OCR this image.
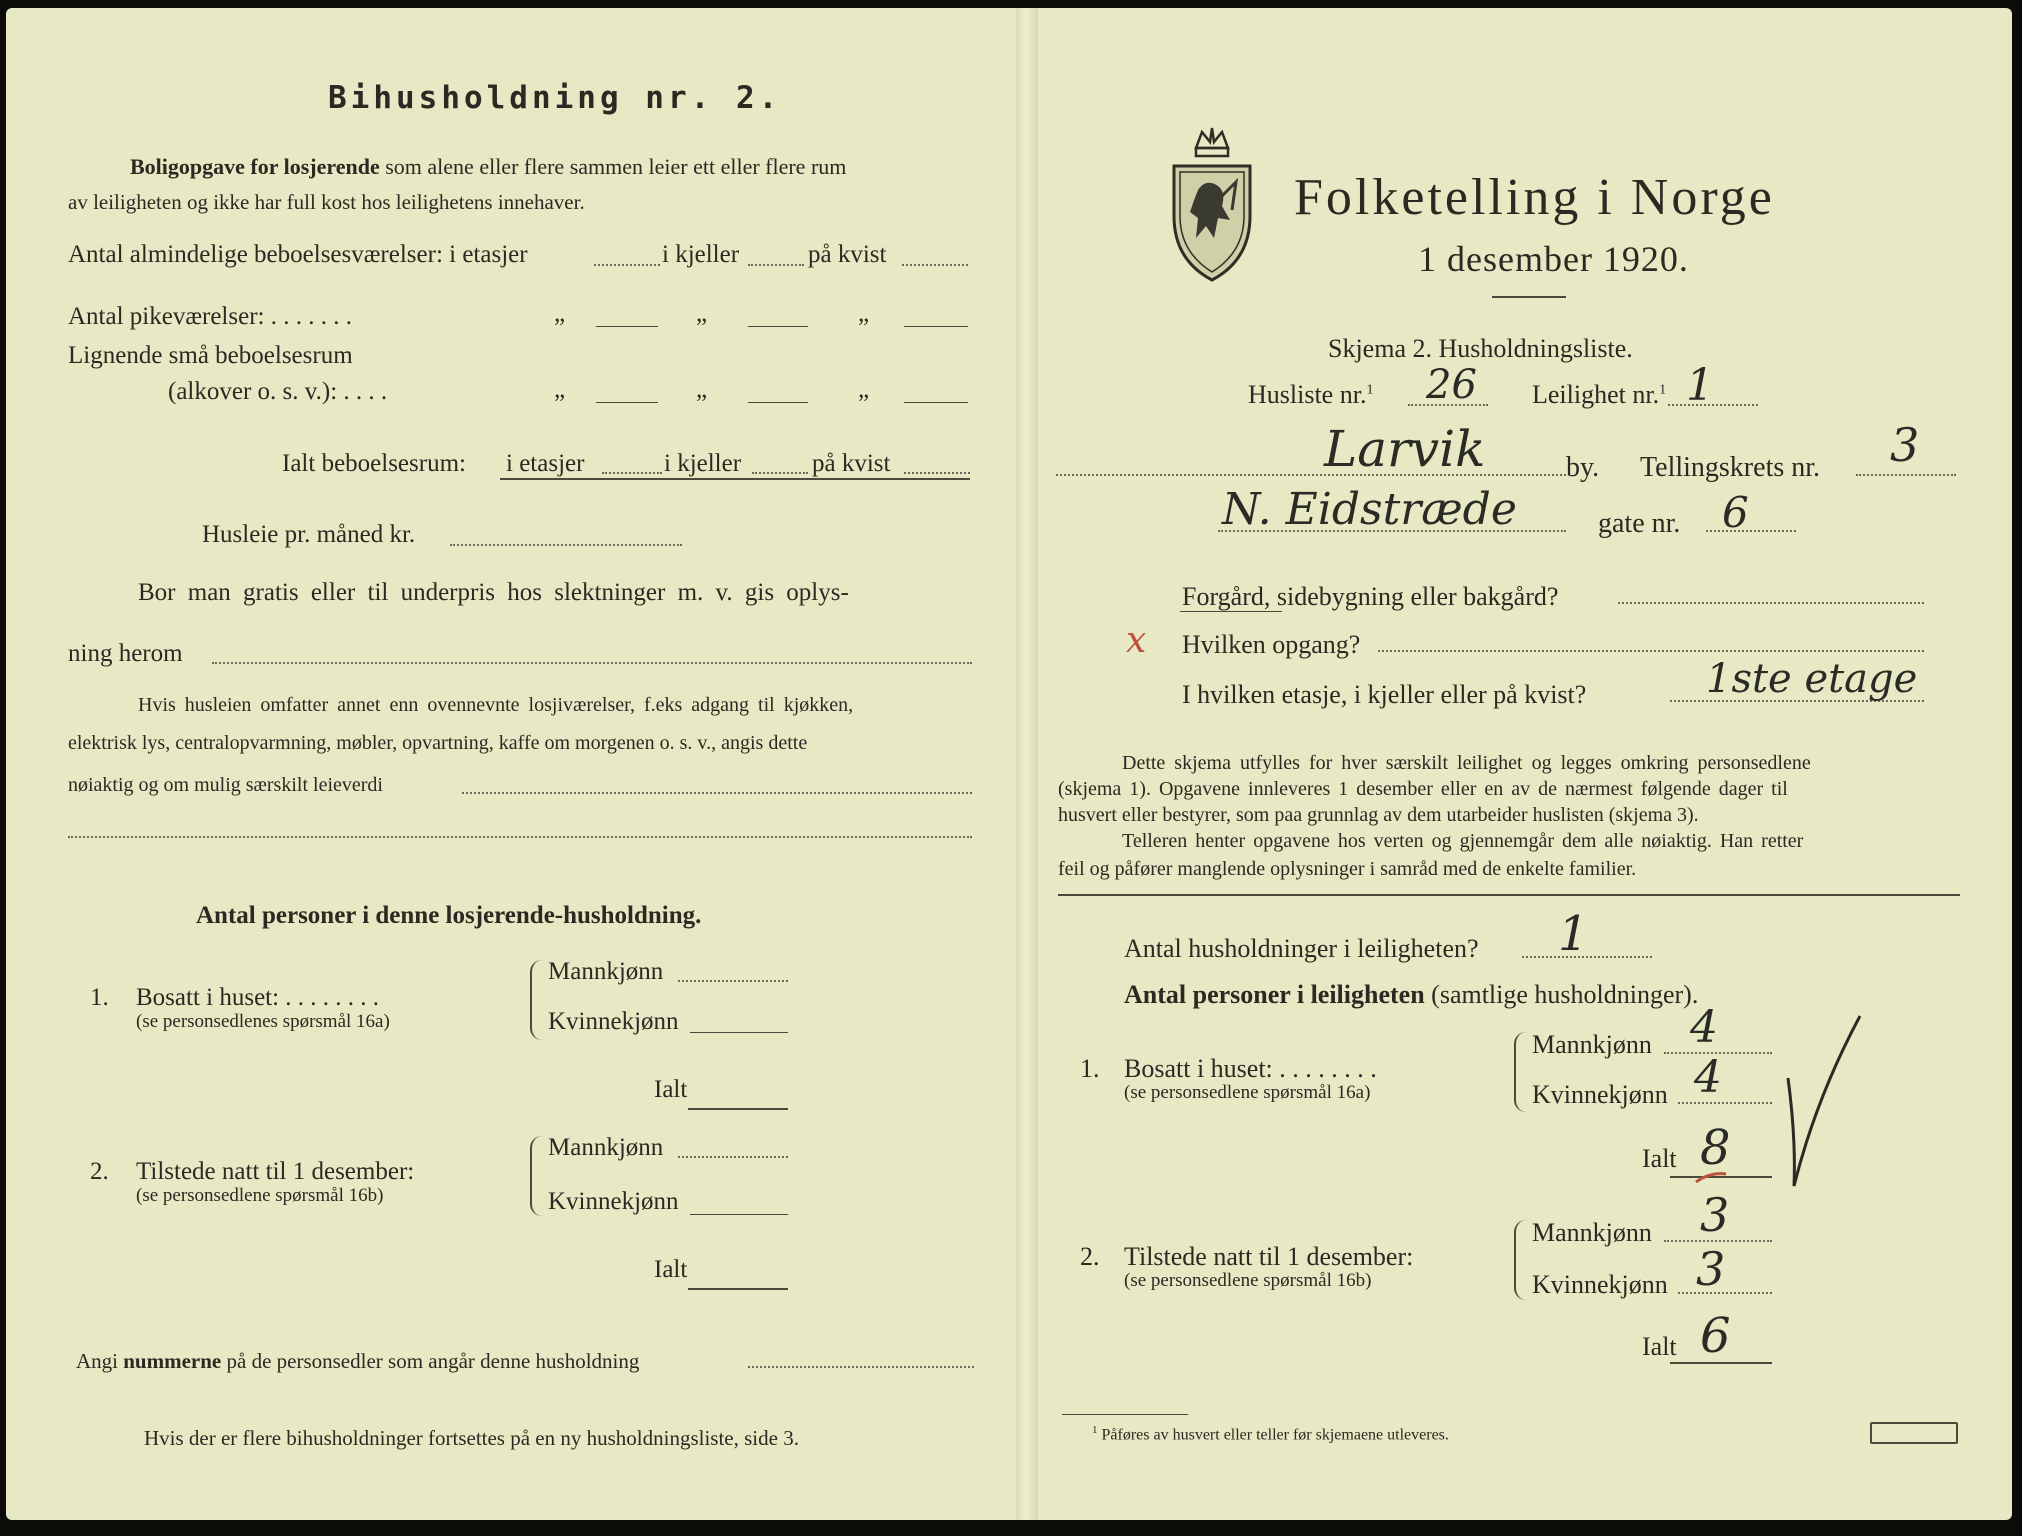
Bihusholdning nr. 2.
Boligopgave for losjerende som alene eller flere sammen leier ett eller flere rum
av leiligheten og ikke har full kost hos leilighetens innehaver.
Antal almindelige beboelsesværelser: i etasjer	i kjeller	på kvist
Antal pikeværelser: . . . . . . .	„	„	„
Lignende små beboelsesrum
(alkover o. s. v.): . . . .	„	„	„
Ialt beboelsesrum: i etasjer	i kjeller	på kvist
Husleie pr. måned kr.
Bor man gratis eller til underpris hos slektninger m. v. gis oplys-
ning herom
Hvis husleien omfatter annet enn ovennevnte losjiværelser, f.eks adgang til kjøkken,
elektrisk lys, centralopvarmning, møbler, opvartning, kaffe om morgenen o. s. v., angis dette
nøiaktig og om mulig særskilt leieverdi
Antal personer i denne losjerende-husholdning.
1. Bosatt i huset: . . . . . . . .
(se personsedlenes spørsmål 16a)
Mannkjønn
Kvinnekjønn
Ialt
2. Tilstede natt til 1 desember:
(se personsedlene spørsmål 16b)
Mannkjønn
Kvinnekjønn
Ialt
Angi nummerne på de personsedler som angår denne husholdning
Hvis der er flere bihusholdninger fortsettes på en ny husholdningsliste, side 3.
Folketelling i Norge
1 desember 1920.
Skjema 2. Husholdningsliste.
Husliste nr.$^1$ 26 Leilighet nr.$^1$ 1
Larvik	by. Tellingskrets nr. 3
N. Eidstræde	gate nr. 6
Forgård, sidebygning eller bakgård?
x Hvilken opgang?
I hvilken etasje, i kjeller eller på kvist?	1ste etage
Dette skjema utfylles for hver særskilt leilighet og legges omkring personsedlene
(skjema 1). Opgavene innleveres 1 desember eller en av de nærmest følgende dager til
husvert eller bestyrer, som paa grunnlag av dem utarbeider huslisten (skjema 3).
Telleren henter opgavene hos verten og gjennemgår dem alle nøiaktig. Han retter
feil og påfører manglende oplysninger i samråd med de enkelte familier.
Antal husholdninger i leiligheten? 1
Antal personer i leiligheten (samtlige husholdninger).
1. Bosatt i huset: . . . . . . . .
(se personsedlene spørsmål 16a)
Mannkjønn 4
Kvinnekjønn 4
Ialt 8
2. Tilstede natt til 1 desember:
(se personsedlene spørsmål 16b)
Mannkjønn 3
Kvinnekjønn 3
Ialt 6
$^1$ Påføres av husvert eller teller før skjemaene utleveres.
